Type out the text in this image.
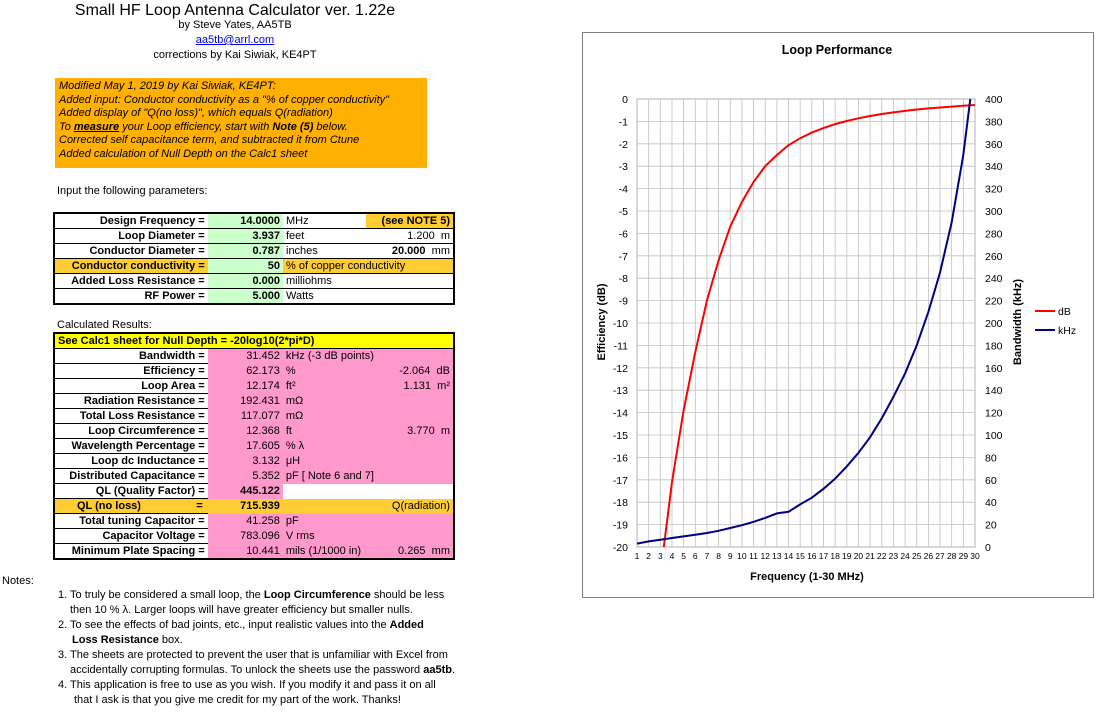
Small HF Loop Antenna Calculator ver. 1.22e
by Steve Yates, AA5TB
aa5tb@arrl.com
corrections by Kai Siwiak, KE4PT
Modified May 1, 2019 by Kai Siwiak, KE4PT:
Added input: Conductor conductivity as a "% of copper conductivity"
Added display of "Q(no loss)", which equals Q(radiation)
To measure your Loop efficiency, start with Note (5) below.
Corrected self capacitance term, and subtracted it from Ctune
Added calculation of Null Depth on the Calc1 sheet
Input the following parameters:
Design Frequency =	14.0000	MHz	(see NOTE 5)
Loop Diameter =	3.937	feet	1.200 m
Conductor Diameter =	0.787	inches	20.000 mm
Conductor conductivity =	50	% of copper conductivity	
Added Loss Resistance =	0.000	milliohms	
RF Power =	5.000	Watts	
Calculated Results:
See Calc1 sheet for Null Depth = -20log10(2*pi*D)			
Bandwidth =	31.452	kHz (-3 dB points)	
Efficiency =	62.173	%	-2.064 dB
Loop Area =	12.174	ft²	1.131 m²
Radiation Resistance =	192.431	mΩ	
Total Loss Resistance =	117.077	mΩ	
Loop Circumference =	12.368	ft	3.770 m
Wavelength Percentage =	17.605	% λ	
Loop dc Inductance =	3.132	μH	
Distributed Capacitance =	5.352	pF [ Note 6 and 7]	
QL (Quality Factor) =	445.122		
QL (no loss) =	715.939	Q(radiation)	
Total tuning Capacitor =	41.258	pF	
Capacitor Voltage =	783.096	V rms	
Minimum Plate Spacing =	10.441	mils (1/1000 in)	0.265 mm
Notes:
1. To truly be considered a small loop, the Loop Circumference should be less
then 10 % λ. Larger loops will have greater efficiency but smaller nulls.
2. To see the effects of bad joints, etc., input realistic values into the Added
Loss Resistance box.
3. The sheets are protected to prevent the user that is unfamiliar with Excel from
accidentally corrupting formulas. To unlock the sheets use the password aa5tb.
4. This application is free to use as you wish. If you modify it and pass it on all
that I ask is that you give me credit for my part of the work. Thanks!
Loop Performance
1 2 3 4 5 6 7 8 9 10 11 12 13 14 15 16 17 18 19 20 21 22 23 24 25 26 27 28 29 30
0
-1
-2
-3
-4
-5
-6
-7
-8
-9
-10
-11
-12
-13
-14
-15
-16
-17
-18
-19
-20
400
380
360
340
320
300
280
260
240
220
200
180
160
140
120
100
80
60
40
20
0
Frequency (1-30 MHz)
Efficiency (dB)	Bandwidth (kHz)	dB
kHz
